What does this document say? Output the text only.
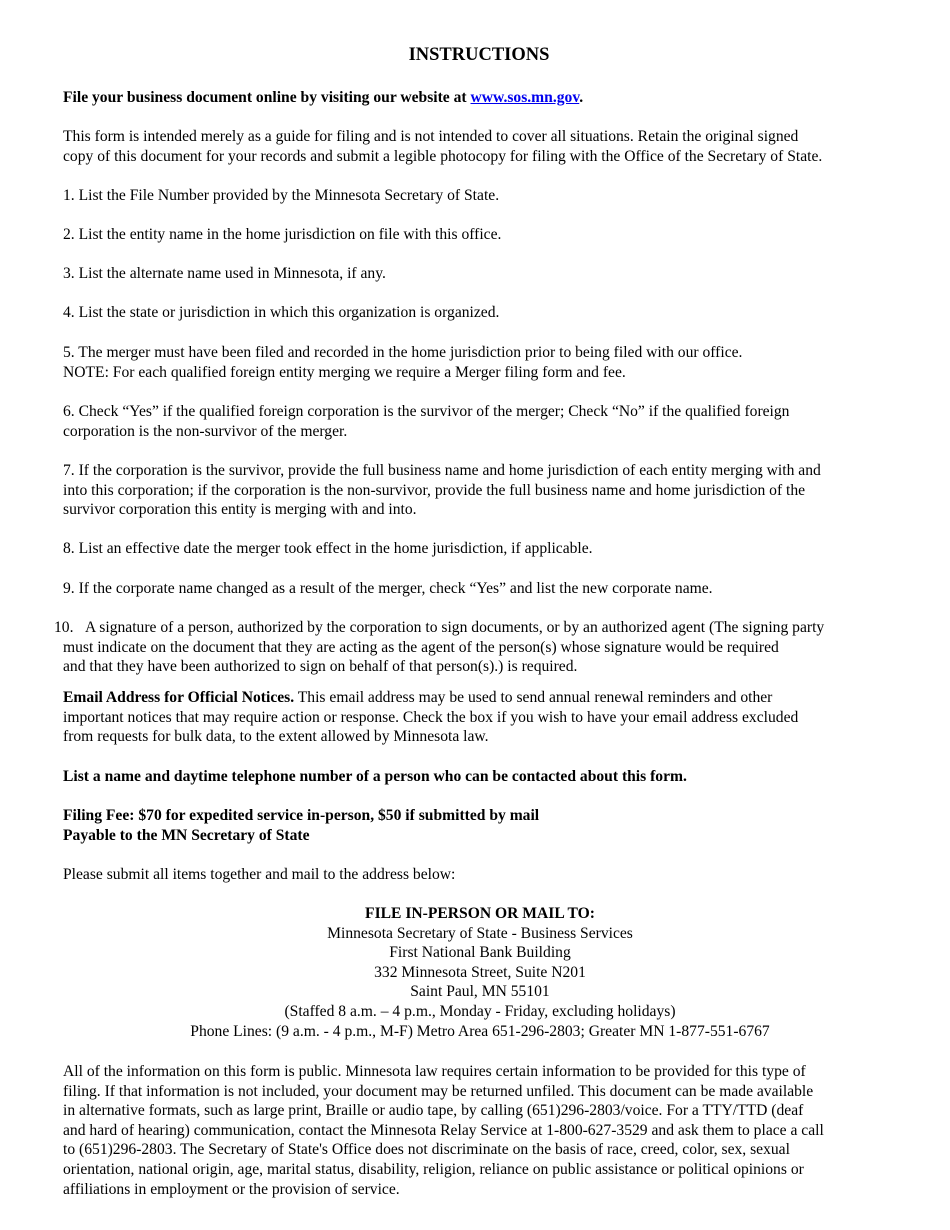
INSTRUCTIONS
File your business document online by visiting our website at www.sos.mn.gov.
This form is intended merely as a guide for filing and is not intended to cover all situations. Retain the original signed
copy of this document for your records and submit a legible photocopy for filing with the Office of the Secretary of State.
1. List the File Number provided by the Minnesota Secretary of State.
2. List the entity name in the home jurisdiction on file with this office.
3. List the alternate name used in Minnesota, if any.
4. List the state or jurisdiction in which this organization is organized.
5. The merger must have been filed and recorded in the home jurisdiction prior to being filed with our office.
NOTE: For each qualified foreign entity merging we require a Merger filing form and fee.
6. Check “Yes” if the qualified foreign corporation is the survivor of the merger; Check “No” if the qualified foreign
corporation is the non-survivor of the merger.
7. If the corporation is the survivor, provide the full business name and home jurisdiction of each entity merging with and
into this corporation; if the corporation is the non-survivor, provide the full business name and home jurisdiction of the
survivor corporation this entity is merging with and into.
8. List an effective date the merger took effect in the home jurisdiction, if applicable.
9. If the corporate name changed as a result of the merger, check “Yes” and list the new corporate name.
10. A signature of a person, authorized by the corporation to sign documents, or by an authorized agent (The signing party
must indicate on the document that they are acting as the agent of the person(s) whose signature would be required
and that they have been authorized to sign on behalf of that person(s).) is required.
Email Address for Official Notices. This email address may be used to send annual renewal reminders and other
important notices that may require action or response. Check the box if you wish to have your email address excluded
from requests for bulk data, to the extent allowed by Minnesota law.
List a name and daytime telephone number of a person who can be contacted about this form.
Filing Fee: $70 for expedited service in-person, $50 if submitted by mail
Payable to the MN Secretary of State
Please submit all items together and mail to the address below:
FILE IN-PERSON OR MAIL TO:
Minnesota Secretary of State - Business Services
First National Bank Building
332 Minnesota Street, Suite N201
Saint Paul, MN 55101
(Staffed 8 a.m. – 4 p.m., Monday - Friday, excluding holidays)
Phone Lines: (9 a.m. - 4 p.m., M-F) Metro Area 651-296-2803; Greater MN 1-877-551-6767
All of the information on this form is public. Minnesota law requires certain information to be provided for this type of
filing. If that information is not included, your document may be returned unfiled. This document can be made available
in alternative formats, such as large print, Braille or audio tape, by calling (651)296-2803/voice. For a TTY/TTD (deaf
and hard of hearing) communication, contact the Minnesota Relay Service at 1-800-627-3529 and ask them to place a call
to (651)296-2803. The Secretary of State's Office does not discriminate on the basis of race, creed, color, sex, sexual
orientation, national origin, age, marital status, disability, religion, reliance on public assistance or political opinions or
affiliations in employment or the provision of service.
